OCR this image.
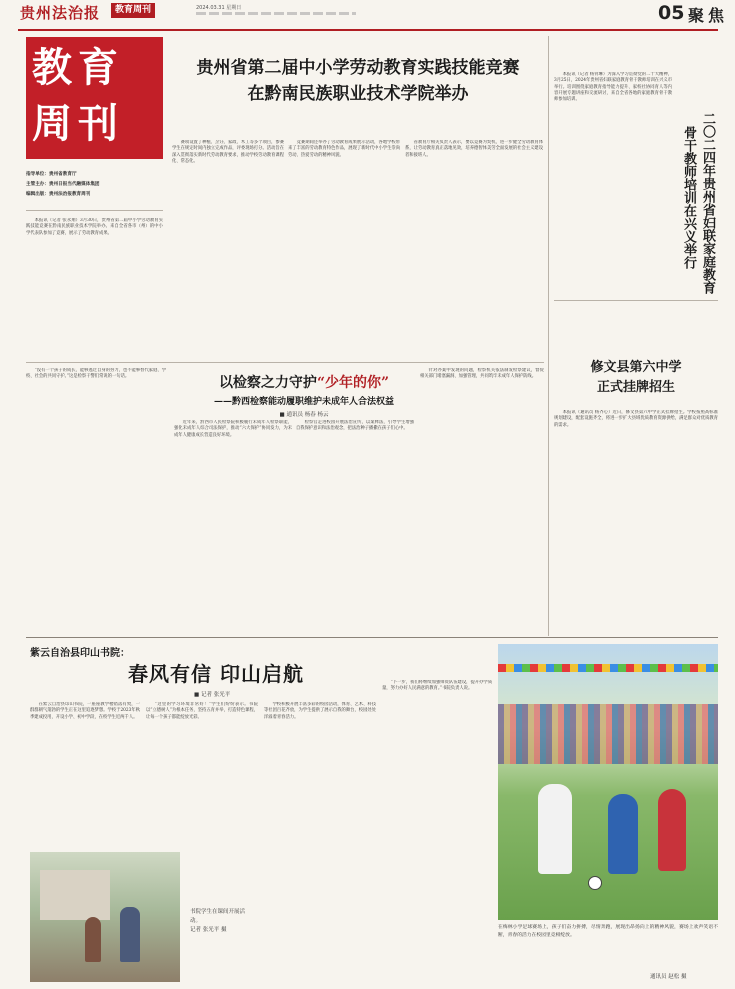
贵州法治报	教育周刊	2024.03.31 星期日	05 聚焦
教育
周刊
指导单位：贵州省教育厅
主管主办：贵州日报当代融媒体集团
编辑出版：贵州法治报教育周刊
贵州省第二届中小学劳动教育实践技能竞赛
在黔南民族职业技术学院举办

本报讯（记者 张永翔）3月30日，贵州省第二届中小学劳动教育实践技能竞赛在黔南民族职业技术学院举办。来自全省各市（州）的中小学代表队参加了竞赛，展示了劳动教育成果。

赛项设置了种植、烹饪、家政、木工等多个项目，参赛学生在规定时间内独立完成作品，评委现场打分。活动旨在深入贯彻落实新时代劳动教育要求，推动学校劳动教育课程化、常态化。

竞赛期间还举办了劳动教育成果展示活动，各地学校带来了丰富的劳动教育特色作品，展现了新时代中小学生崇尚劳动、热爱劳动的精神风貌。

省教育厅相关负责人表示，要以竞赛为契机，进一步健全劳动教育体系，让劳动教育真正落地见效，培养德智体美劳全面发展的社会主义建设者和接班人。

本报讯（记者 杨骨琳）为深入学习贯彻党的二十大精神，3月25日，2024年贵州省妇联家庭教育骨干教师培训在兴义市举行。培训围绕家庭教育指导能力提升、家校社协同育人等内容开展专题讲座和交流研讨，来自全省各地的家庭教育骨干教师参加培训。

二〇二四年贵州省妇联家庭教育
骨干教师培训在兴义举行
以检察之力守护“少年的你”
——黔西检察能动履职维护未成年人合法权益
■ 通讯员 杨春 杨云

“没有一个孩子的成长，能够逃过自身的努力，也不能够替代家庭、学校、社会的共同守护。”这是检察干警们常说的一句话。

近年来，黔西市人民检察院积极履行未成年人检察职能，强化未成年人综合司法保护，推动“六大保护”协同发力，为未成年人健康成长营造良好环境。

检察官走进校园开展法治宣传，以案释法，引导学生增强自我保护意识和法治观念，把法治种子播撒在孩子们心中。

针对办案中发现的问题，检察机关依法制发检察建议，督促相关部门堵塞漏洞、加强管理，共同筑牢未成年人保护防线。

修文县第六中学
正式挂牌招生

本报讯（通讯员 杨齐心）近日，修文县第六中学正式挂牌招生。学校按照高标准规划建设，配套设施齐全，将进一步扩大县域优质教育资源供给，满足群众对优质教育的需求。

紫云自治县印山书院：
春风有信 印山启航
■ 记者 张光平

在紫云自治县印山书院，一座座教学楼错落有致，一群群朝气蓬勃的学生正在这里追逐梦想。学校于2023年秋季建成投用，开设小学、初中学段，在校学生近两千人。

“这里的学习环境非常好！”学生们纷纷表示。书院以“立德树人”为根本任务，坚持五育并举，打造特色课程，让每一个孩子都能绽放光彩。

学校积极开展丰富多彩的校园活动，体育、艺术、科技等社团百花齐放，为学生提供了展示自我的舞台，校园处处洋溢着青春活力。

“下一步，我们将继续加强师资队伍建设，提升办学质量，努力办好人民满意的教育。”书院负责人说。

书院学生在课间开展活动。
记者 张光平 摄	在梅林小学足球赛场上，孩子们奋力拼搏，尽情奔跑，展现出昂扬向上的精神风貌，赛场上欢声笑语不断，青春的活力在校园里竞相绽放。
通讯员 赵松 摄
